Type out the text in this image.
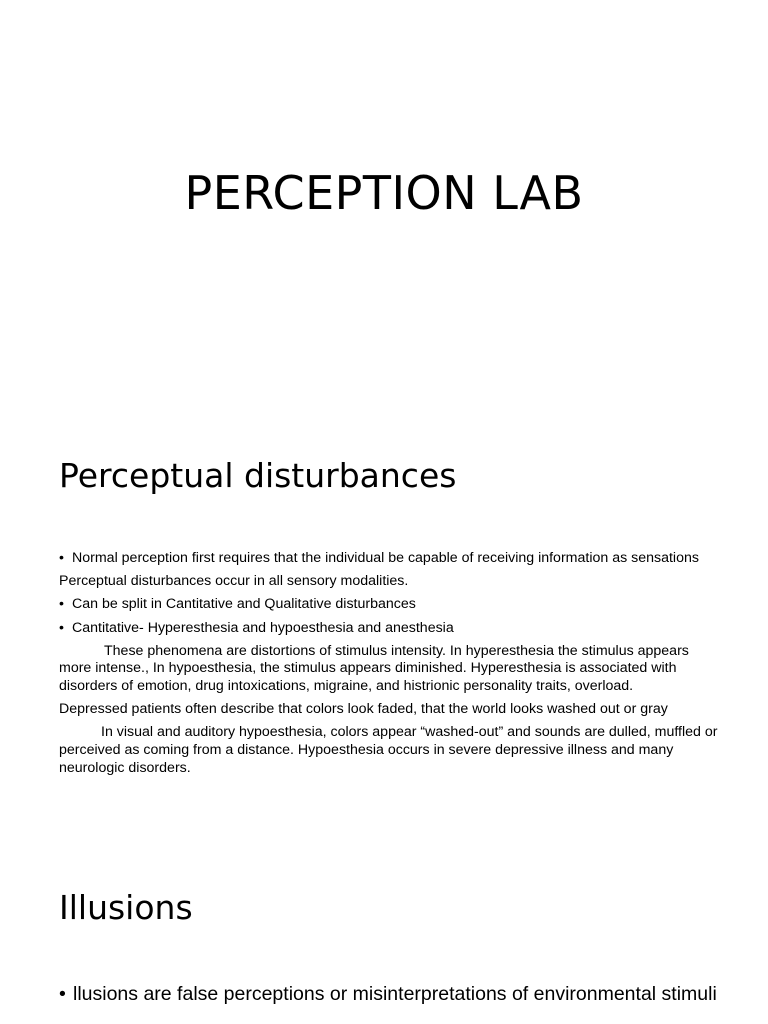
PERCEPTION LAB
Perceptual disturbances

• Normal perception first requires that the individual be capable of receiving information as sensations

Perceptual disturbances occur in all sensory modalities.

• Can be split in Cantitative and Qualitative disturbances

• Cantitative- Hyperesthesia and hypoesthesia and anesthesia

These phenomena are distortions of stimulus intensity. In hyperesthesia the stimulus appears more intense., In hypoesthesia, the stimulus appears diminished. Hyperesthesia is associated with disorders of emotion, drug intoxications, migraine, and histrionic personality traits, overload.

Depressed patients often describe that colors look faded, that the world looks washed out or gray

In visual and auditory hypoesthesia, colors appear “washed-out” and sounds are dulled, muffled or perceived as coming from a distance. Hypoesthesia occurs in severe depressive illness and many neurologic disorders.

Illusions
• llusions are false perceptions or misinterpretations of environmental stimuli
